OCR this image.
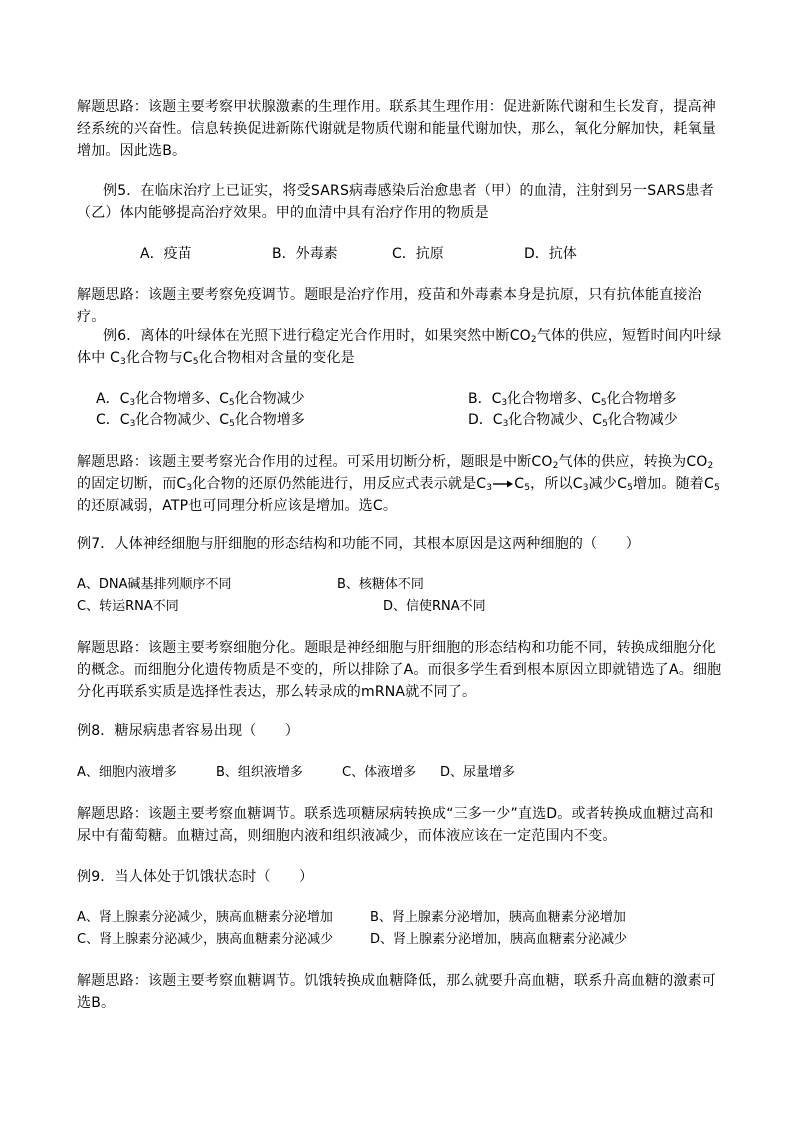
解题思路：该题主要考察甲状腺激素的生理作用。联系其生理作用：促进新陈代谢和生长发育，提高神经系统的兴奋性。信息转换促进新陈代谢就是物质代谢和能量代谢加快，那么，氧化分解加快，耗氧量增加。因此选B。

例5．在临床治疗上已证实，将受SARS病毒感染后治愈患者（甲）的血清，注射到另一SARS患者（乙）体内能够提高治疗效果。甲的血清中具有治疗作用的物质是

A．疫苗	B．外毒素	C．抗原	D．抗体

解题思路：该题主要考察免疫调节。题眼是治疗作用，疫苗和外毒素本身是抗原，只有抗体能直接治疗。

例6．离体的叶绿体在光照下进行稳定光合作用时，如果突然中断$CO_2$气体的供应，短暂时间内叶绿体中 $C_3$化合物与$C_5$化合物相对含量的变化是

A．$C_3$化合物增多、$C_5$化合物减少	B．$C_3$化合物增多、$C_5$化合物增多
C．$C_3$化合物减少、$C_5$化合物增多	D．$C_3$化合物减少、$C_5$化合物减少

解题思路：该题主要考察光合作用的过程。可采用切断分析，题眼是中断$CO_2$气体的供应，转换为$CO_2$的固定切断，而$C_3$化合物的还原仍然能进行，用反应式表示就是$C_3\to C_5$，所以$C_3$减少$C_5$增加。随着$C_5$的还原减弱，ATP也可同理分析应该是增加。选C。

例7．人体神经细胞与肝细胞的形态结构和功能不同，其根本原因是这两种细胞的（　　）

A、DNA碱基排列顺序不同	B、核糖体不同
C、转运RNA不同	D、信使RNA不同

解题思路：该题主要考察细胞分化。题眼是神经细胞与肝细胞的形态结构和功能不同，转换成细胞分化的概念。而细胞分化遗传物质是不变的，所以排除了A。而很多学生看到根本原因立即就错选了A。细胞分化再联系实质是选择性表达，那么转录成的mRNA就不同了。

例8．糖尿病患者容易出现（　　）

A、细胞内液增多	B、组织液增多	C、体液增多 D、尿量增多

解题思路：该题主要考察血糖调节。联系选项糖尿病转换成“三多一少”直选D。或者转换成血糖过高和尿中有葡萄糖。血糖过高，则细胞内液和组织液减少，而体液应该在一定范围内不变。

例9．当人体处于饥饿状态时（　　）

A、肾上腺素分泌减少，胰高血糖素分泌增加	B、肾上腺素分泌增加，胰高血糖素分泌增加
C、肾上腺素分泌减少，胰高血糖素分泌减少	D、肾上腺素分泌增加，胰高血糖素分泌减少

解题思路：该题主要考察血糖调节。饥饿转换成血糖降低，那么就要升高血糖，联系升高血糖的激素可选B。
